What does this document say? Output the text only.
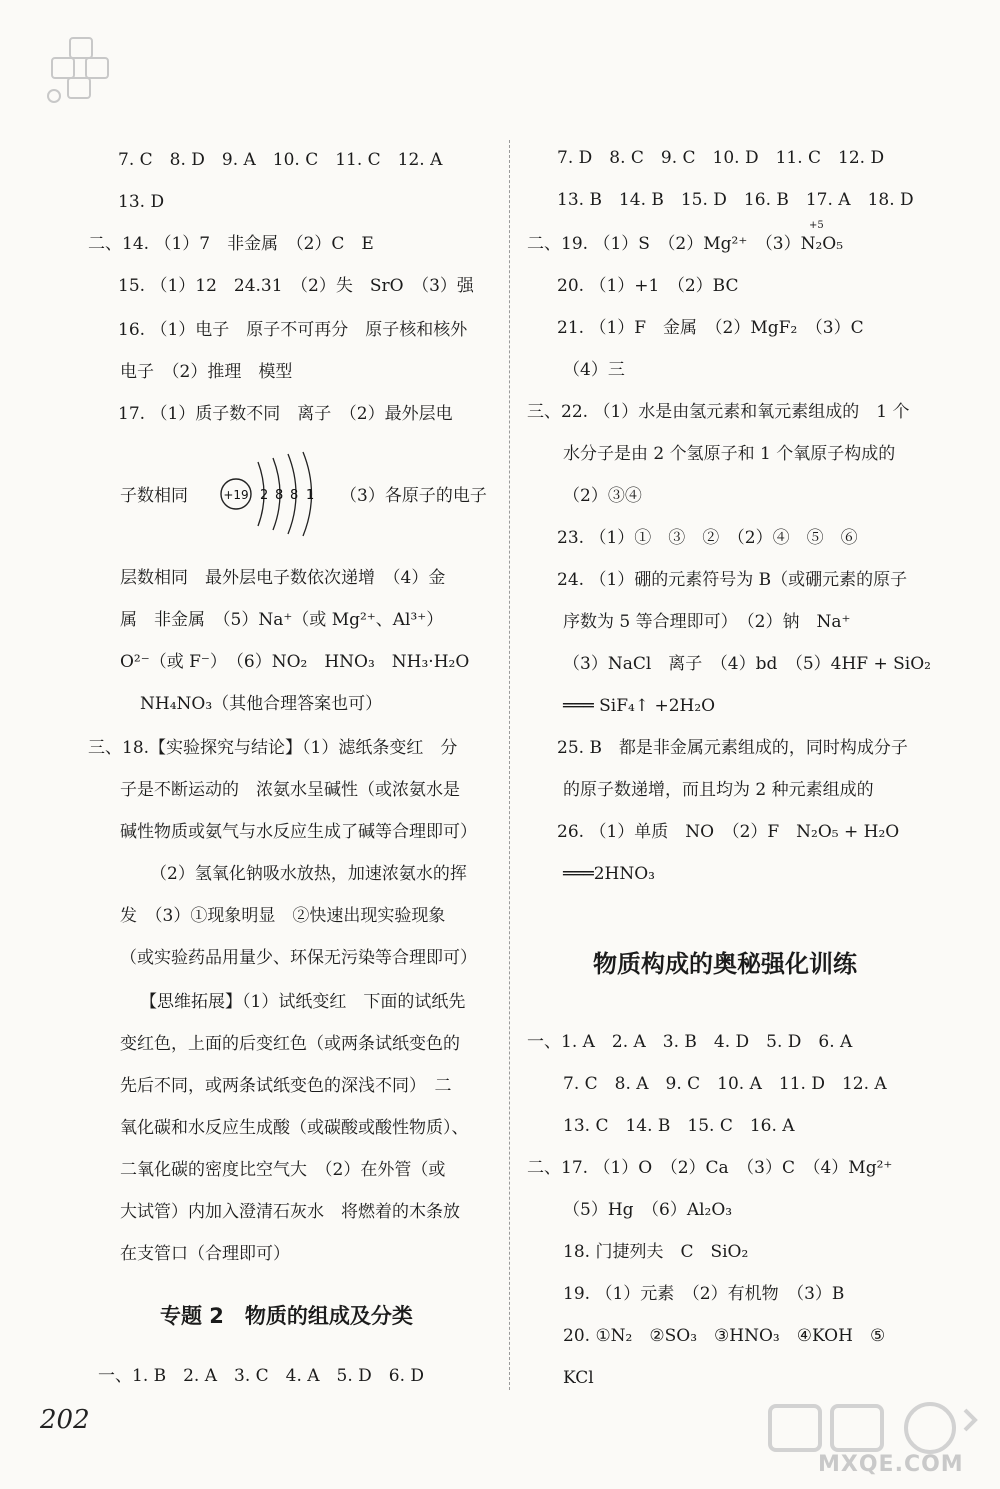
7. C　8. D　9. A　10. C　11. C　12. A
13. D
二、14. （1）7　非金属　（2）C　E
15. （1）12　24.31　（2）失　SrO　（3）强
16. （1）电子　原子不可再分　原子核和核外
电子　（2）推理　模型
17. （1）质子数不同　离子　（2）最外层电
子数相同	+19 2 8 8 1 （3）各原子的电子
层数相同　最外层电子数依次递增　（4）金
属　非金属　（5）Na⁺（或 Mg²⁺、Al³⁺）
O²⁻（或 F⁻）　（6）NO₂　HNO₃　NH₃·H₂O
NH₄NO₃（其他合理答案也可）
三、18.【实验探究与结论】（1）滤纸条变红　分
子是不断运动的　浓氨水呈碱性（或浓氨水是
碱性物质或氨气与水反应生成了碱等合理即可）
（2）氢氧化钠吸水放热，加速浓氨水的挥
发　（3）①现象明显　②快速出现实验现象
（或实验药品用量少、环保无污染等合理即可）
【思维拓展】（1）试纸变红　下面的试纸先
变红色，上面的后变红色（或两条试纸变色的
先后不同，或两条试纸变色的深浅不同）　二
氧化碳和水反应生成酸（或碳酸或酸性物质）、
二氧化碳的密度比空气大　（2）在外管（或
大试管）内加入澄清石灰水　将燃着的木条放
在支管口（合理即可）
专题 2　物质的组成及分类
一、1. B　2. A　3. C　4. A　5. D　6. D
7. D　8. C　9. C　10. D　11. C　12. D
13. B　14. B　15. D　16. B　17. A　18. D
+5
二、19. （1）S　（2）Mg²⁺　（3）N₂O₅
20. （1）+1　（2）BC
21. （1）F　金属　（2）MgF₂　（3）C
（4）三
三、22. （1）水是由氢元素和氧元素组成的　1 个
水分子是由 2 个氢原子和 1 个氧原子构成的
（2）③④
23. （1）①　③　②　（2）④　⑤　⑥
24. （1）硼的元素符号为 B（或硼元素的原子
序数为 5 等合理即可）　（2）钠　Na⁺
（3）NaCl　离子　（4）bd　（5）4HF + SiO₂
═══ SiF₄↑ +2H₂O
25. B　都是非金属元素组成的，同时构成分子
的原子数递增，而且均为 2 种元素组成的
26. （1）单质　NO　（2）F　N₂O₅ + H₂O
═══2HNO₃
物质构成的奥秘强化训练
一、1. A　2. A　3. B　4. D　5. D　6. A
7. C　8. A　9. C　10. A　11. D　12. A
13. C　14. B　15. C　16. A
二、17. （1）O　（2）Ca　（3）C　（4）Mg²⁺
（5）Hg　（6）Al₂O₃
18. 门捷列夫　C　SiO₂
19. （1）元素　（2）有机物　（3）B
20. ①N₂　②SO₃　③HNO₃　④KOH　⑤
KCl
202
MXQE.COM
